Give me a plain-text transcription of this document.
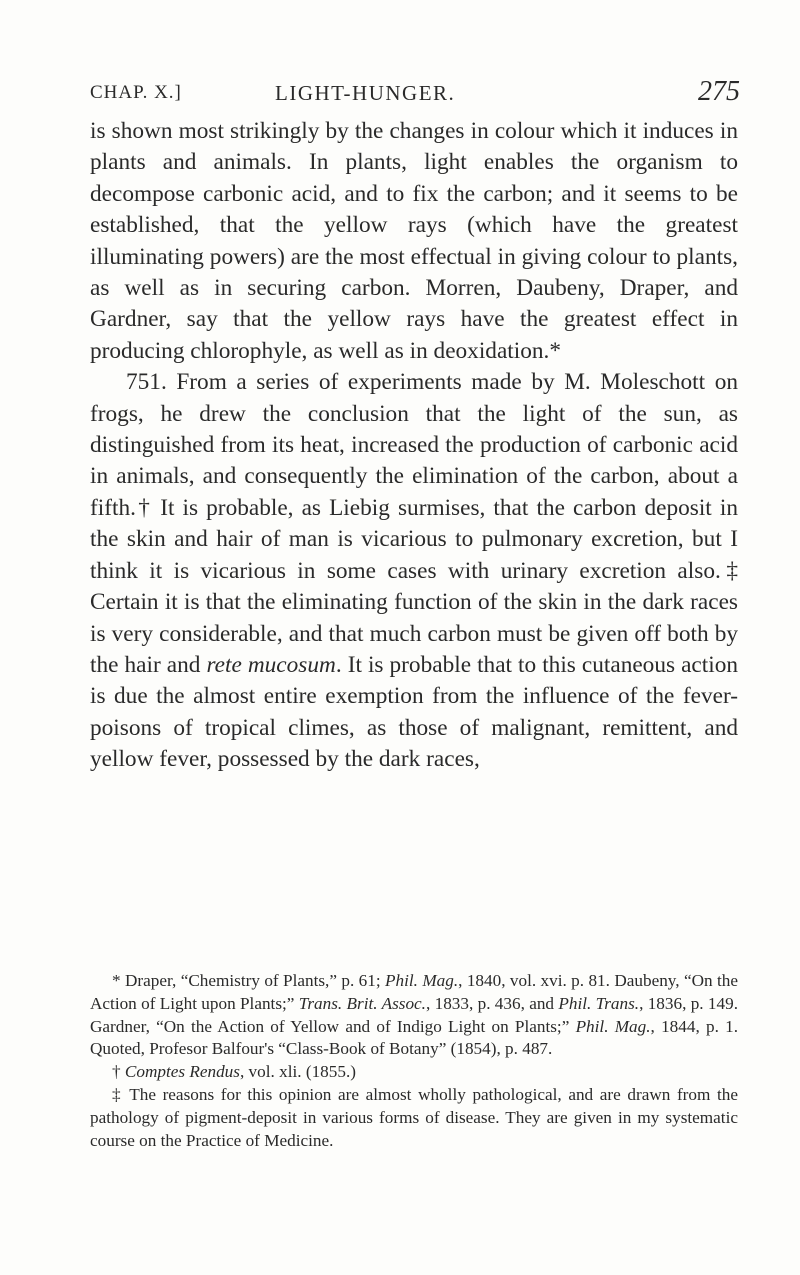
CHAP. X.]	LIGHT-HUNGER.	275

is shown most strikingly by the changes in colour which it induces in plants and animals. In plants, light enables the organism to decompose carbonic acid, and to fix the carbon; and it seems to be established, that the yellow rays (which have the greatest illuminating powers) are the most effectual in giving colour to plants, as well as in securing carbon. Morren, Daubeny, Draper, and Gardner, say that the yellow rays have the greatest effect in producing chlorophyle, as well as in deoxidation.*

751. From a series of experiments made by M. Moleschott on frogs, he drew the conclusion that the light of the sun, as distinguished from its heat, increased the production of carbonic acid in animals, and consequently the elimination of the carbon, about a fifth.† It is probable, as Liebig surmises, that the carbon deposit in the skin and hair of man is vicarious to pulmonary excretion, but I think it is vicarious in some cases with urinary excretion also.‡ Certain it is that the eliminating function of the skin in the dark races is very considerable, and that much carbon must be given off both by the hair and rete mucosum. It is probable that to this cutaneous action is due the almost entire exemption from the influence of the fever-poisons of tropical climes, as those of malignant, remittent, and yellow fever, possessed by the dark races,

* Draper, “Chemistry of Plants,” p. 61; Phil. Mag., 1840, vol. xvi. p. 81. Daubeny, “On the Action of Light upon Plants;” Trans. Brit. Assoc., 1833, p. 436, and Phil. Trans., 1836, p. 149. Gardner, “On the Action of Yellow and of Indigo Light on Plants;” Phil. Mag., 1844, p. 1. Quoted, Profesor Balfour's “Class-Book of Botany” (1854), p. 487.

† Comptes Rendus, vol. xli. (1855.)

‡ The reasons for this opinion are almost wholly pathological, and are drawn from the pathology of pigment-deposit in various forms of disease. They are given in my systematic course on the Practice of Medicine.
